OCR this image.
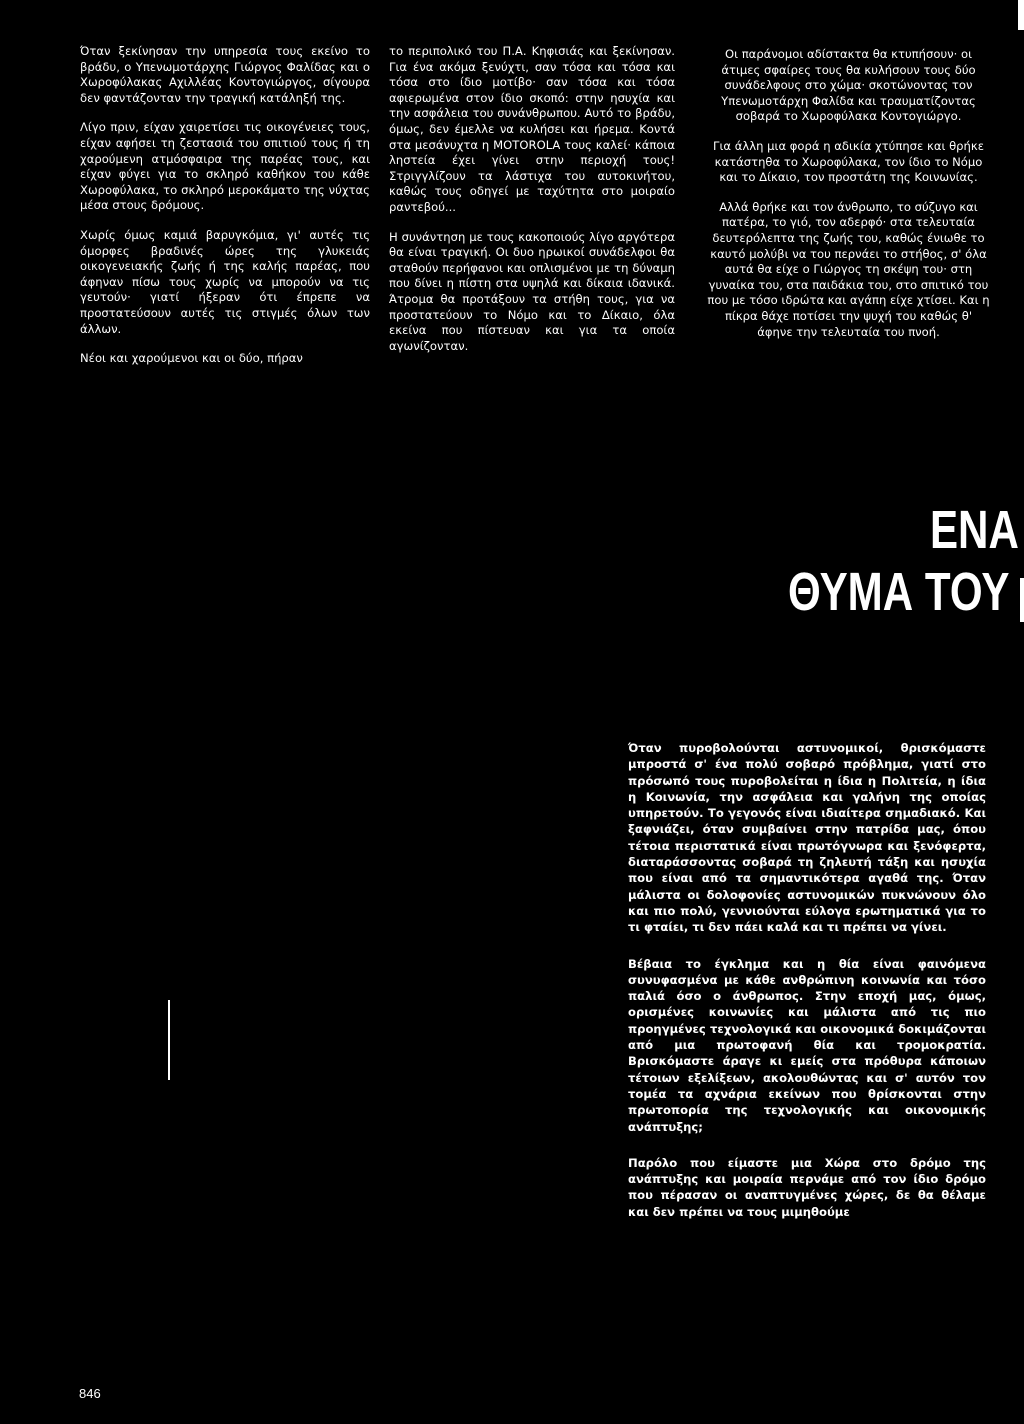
Όταν ξεκίνησαν την υπηρεσία τους εκείνο το βράδυ, ο Υπενωμοτάρχης Γιώργος Φαλίδας και ο Χωροφύλακας Αχιλλέας Κοντογιώργος, σίγουρα δεν φαντάζονταν την τραγική κατάληξή της.

Λίγο πριν, είχαν χαιρετίσει τις οικογένειες τους, είχαν αφήσει τη ζεστασιά του σπιτιού τους ή τη χαρούμενη ατμόσφαιρα της παρέας τους, και είχαν φύγει για το σκληρό καθήκον του κάθε Χωροφύλακα, το σκληρό μεροκάματο της νύχτας μέσα στους δρόμους.

Χωρίς όμως καμιά βαρυγκόμια, γι' αυτές τις όμορφες βραδινές ώρες της γλυκειάς οικογενειακής ζωής ή της καλής παρέας, που άφηναν πίσω τους χωρίς να μπορούν να τις γευτούν· γιατί ήξεραν ότι έπρεπε να προστατεύσουν αυτές τις στιγμές όλων των άλλων.

Νέοι και χαρούμενοι και οι δύο, πήραν

το περιπολικό του Π.Α. Κηφισιάς και ξεκίνησαν. Για ένα ακόμα ξενύχτι, σαν τόσα και τόσα και τόσα στο ίδιο μοτίβο· σαν τόσα και τόσα αφιερωμένα στον ίδιο σκοπό: στην ησυχία και την ασφάλεια του συνάνθρωπου. Αυτό το βράδυ, όμως, δεν έμελλε να κυλήσει και ήρεμα. Κοντά στα μεσάνυχτα η MOTOROLA τους καλεί· κάποια ληστεία έχει γίνει στην περιοχή τους! Στριγγλίζουν τα λάστιχα του αυτοκινήτου, καθώς τους οδηγεί με ταχύτητα στο μοιραίο ραντεβού...

Η συνάντηση με τους κακοποιούς λίγο αργότερα θα είναι τραγική. Οι δυο ηρωικοί συνάδελφοι θα σταθούν περήφανοι και οπλισμένοι με τη δύναμη που δίνει η πίστη στα υψηλά και δίκαια ιδανικά. Άτρομα θα προτάξουν τα στήθη τους, για να προστατεύουν το Νόμο και το Δίκαιο, όλα εκείνα που πίστευαν και για τα οποία αγωνίζονταν.

Οι παράνομοι αδίστακτα θα κτυπήσουν· οι άτιμες σφαίρες τους θα κυλήσουν τους δύο συνάδελφους στο χώμα· σκοτώνοντας τον Υπενωμοτάρχη Φαλίδα και τραυματίζοντας σοβαρά το Χωροφύλακα Κοντογιώργο.

Για άλλη μια φορά η αδικία χτύπησε και θρήκε κατάστηθα το Χωροφύλακα, τον ίδιο το Νόμο και το Δίκαιο, τον προστάτη της Κοινωνίας.

Αλλά θρήκε και τον άνθρωπο, το σύζυγο και πατέρα, το γιό, τον αδερφό· στα τελευταία δευτερόλεπτα της ζωής του, καθώς ένιωθε το καυτό μολύβι να του περνάει το στήθος, σ' όλα αυτά θα είχε ο Γιώργος τη σκέψη του· στη γυναίκα του, στα παιδάκια του, στο σπιτικό του που με τόσο ιδρώτα και αγάπη είχε χτίσει. Και η πίκρα θάχε ποτίσει την ψυχή του καθώς θ' άφηνε την τελευταία του πνοή.

ΕΝΑ
ΘΥΜΑ ΤΟΥ

Όταν πυροβολούνται αστυνομικοί, θρισκόμαστε μπροστά σ' ένα πολύ σοβαρό πρόβλημα, γιατί στο πρόσωπό τους πυροβολείται η ίδια η Πολιτεία, η ίδια η Κοινωνία, την ασφάλεια και γαλήνη της οποίας υπηρετούν. Το γεγονός είναι ιδιαίτερα σημαδιακό. Και ξαφνιάζει, όταν συμβαίνει στην πατρίδα μας, όπου τέτοια περιστατικά είναι πρωτόγνωρα και ξενόφερτα, διαταράσσοντας σοβαρά τη ζηλευτή τάξη και ησυχία που είναι από τα σημαντικότερα αγαθά της. Όταν μάλιστα οι δολοφονίες αστυνομικών πυκνώνουν όλο και πιο πολύ, γεννιούνται εύλογα ερωτηματικά για το τι φταίει, τι δεν πάει καλά και τι πρέπει να γίνει.

Βέβαια το έγκλημα και η θία είναι φαινόμενα συνυφασμένα με κάθε ανθρώπινη κοινωνία και τόσο παλιά όσο ο άνθρωπος. Στην εποχή μας, όμως, ορισμένες κοινωνίες και μάλιστα από τις πιο προηγμένες τεχνολογικά και οικονομικά δοκιμάζονται από μια πρωτοφανή θία και τρομοκρατία. Βρισκόμαστε άραγε κι εμείς στα πρόθυρα κάποιων τέτοιων εξελίξεων, ακολουθώντας και σ' αυτόν τον τομέα τα αχνάρια εκείνων που θρίσκονται στην πρωτοπορία της τεχνολογικής και οικονομικής ανάπτυξης;

Παρόλο που είμαστε μια Χώρα στο δρόμο της ανάπτυξης και μοιραία περνάμε από τον ίδιο δρόμο που πέρασαν οι αναπτυγμένες χώρες, δε θα θέλαμε και δεν πρέπει να τους μιμηθούμε

846
